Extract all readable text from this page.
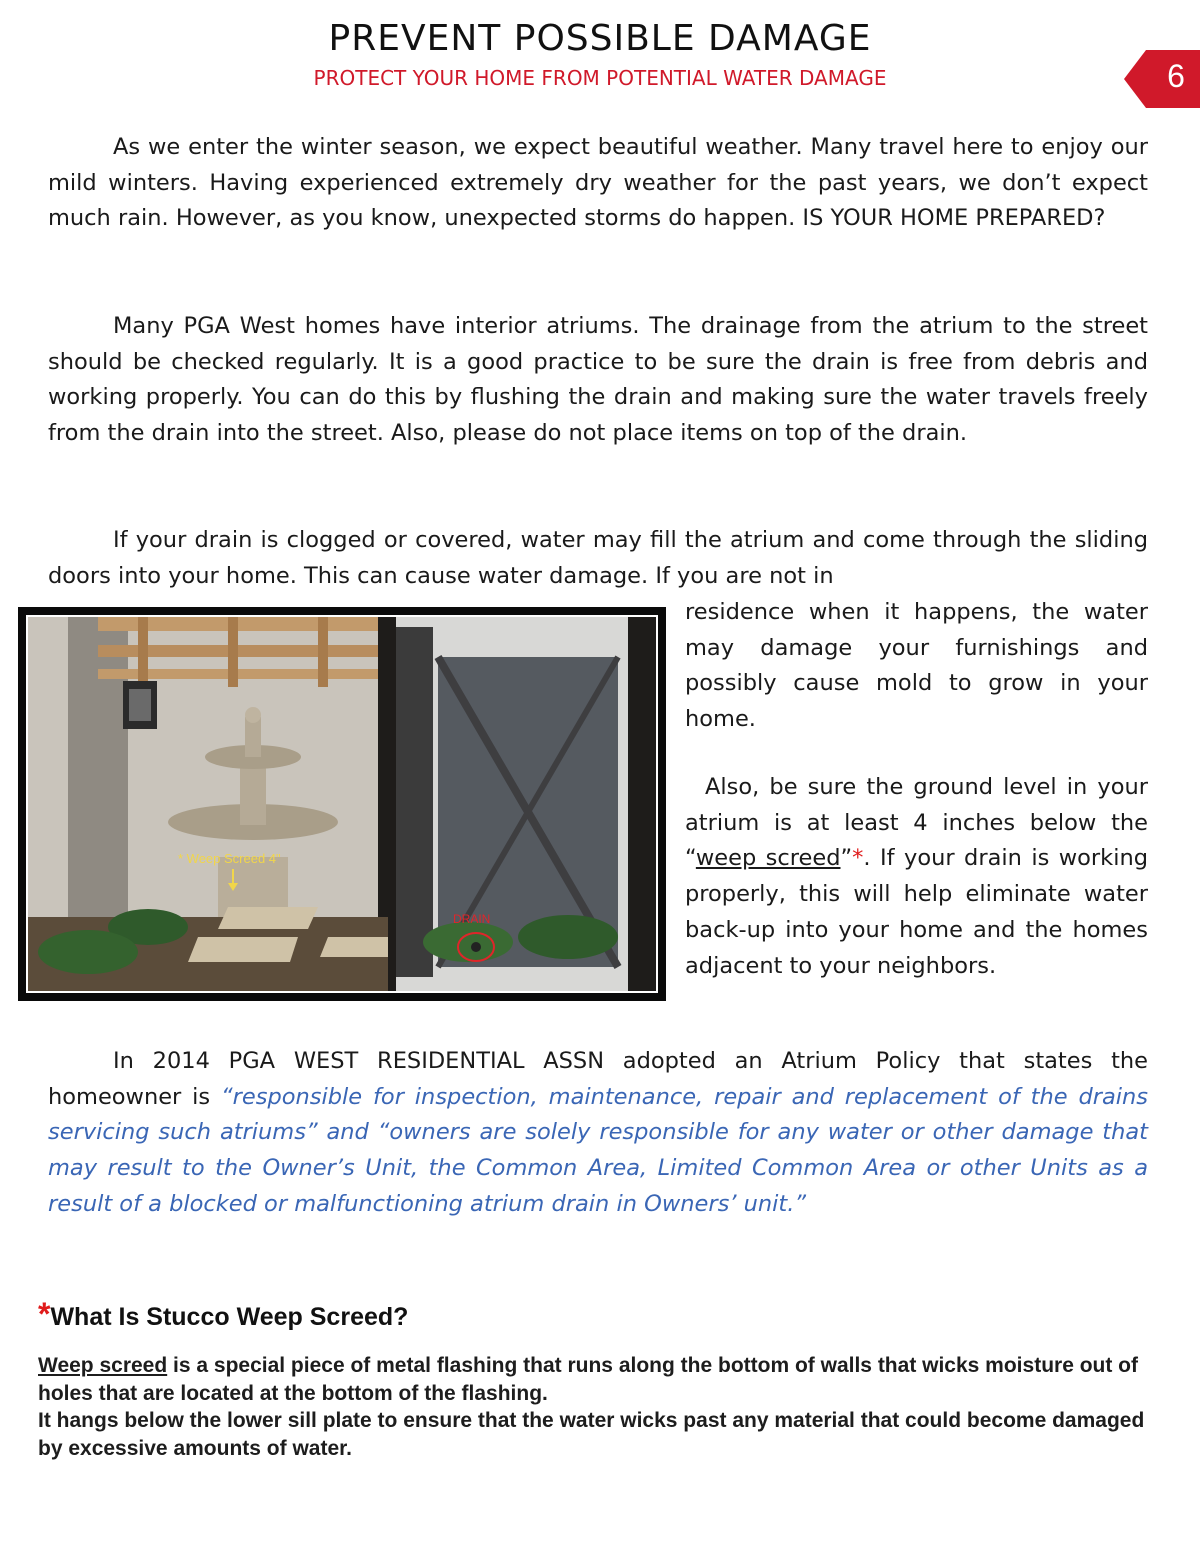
PREVENT POSSIBLE DAMAGE
PROTECT YOUR HOME FROM POTENTIAL WATER DAMAGE	6

As we enter the winter season, we expect beautiful weather. Many travel here to enjoy our mild winters. Having experienced extremely dry weather for the past years, we don’t expect much rain. However, as you know, unexpected storms do happen. IS YOUR HOME PREPARED?

Many PGA West homes have interior atriums. The drainage from the atrium to the street should be checked regularly. It is a good practice to be sure the drain is free from debris and working properly. You can do this by flushing the drain and making sure the water travels freely from the drain into the street. Also, please do not place items on top of the drain.

If your drain is clogged or covered, water may fill the atrium and come through the sliding doors into your home. This can cause water damage. If you are not in

* Weep Screed 4"
DRAIN

residence when it happens, the water may damage your furnishings and possibly cause mold to grow in your home.

Also, be sure the ground level in your atrium is at least 4 inches below the “weep screed”*. If your drain is working properly, this will help eliminate water back-up into your home and the homes adjacent to your neighbors.

In 2014 PGA WEST RESIDENTIAL ASSN adopted an Atrium Policy that states the homeowner is “responsible for inspection, maintenance, repair and replacement of the drains servicing such atriums” and “owners are solely responsible for any water or other damage that may result to the Owner’s Unit, the Common Area, Limited Common Area or other Units as a result of a blocked or malfunctioning atrium drain in Owners’ unit.”

*What Is Stucco Weep Screed?

Weep screed is a special piece of metal flashing that runs along the bottom of walls that wicks moisture out of holes that are located at the bottom of the flashing.

It hangs below the lower sill plate to ensure that the water wicks past any material that could become damaged by excessive amounts of water.
